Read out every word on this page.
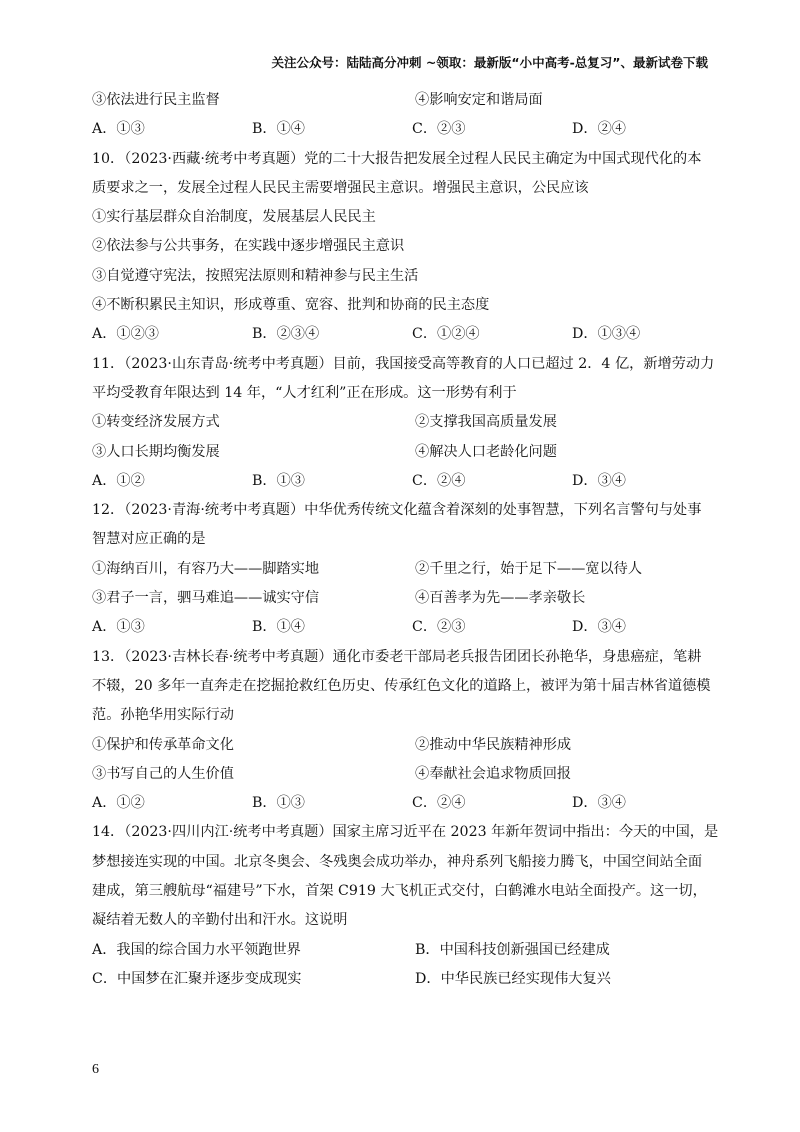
关注公众号：陆陆高分冲刺 ~领取：最新版“小中高考-总复习”、最新试卷下载
③依法进行民主监督	④影响安定和谐局面
A．①③	B．①④	C．②③	D．②④
10．（2023·西藏·统考中考真题）党的二十大报告把发展全过程人民民主确定为中国式现代化的本
质要求之一，发展全过程人民民主需要增强民主意识。增强民主意识，公民应该
①实行基层群众自治制度，发展基层人民民主
②依法参与公共事务，在实践中逐步增强民主意识
③自觉遵守宪法，按照宪法原则和精神参与民主生活
④不断积累民主知识，形成尊重、宽容、批判和协商的民主态度
A．①②③	B．②③④	C．①②④	D．①③④
11．（2023·山东青岛·统考中考真题）目前，我国接受高等教育的人口已超过 2．4 亿，新增劳动力
平均受教育年限达到 14 年，“人才红利”正在形成。这一形势有利于
①转变经济发展方式	②支撑我国高质量发展
③人口长期均衡发展	④解决人口老龄化问题
A．①②	B．①③	C．②④	D．③④
12．（2023·青海·统考中考真题）中华优秀传统文化蕴含着深刻的处事智慧，下列名言警句与处事
智慧对应正确的是
①海纳百川，有容乃大——脚踏实地	②千里之行，始于足下——宽以待人
③君子一言，驷马难追——诚实守信	④百善孝为先——孝亲敬长
A．①③	B．①④	C．②③	D．③④
13．（2023·吉林长春·统考中考真题）通化市委老干部局老兵报告团团长孙艳华，身患癌症，笔耕
不辍，20 多年一直奔走在挖掘抢救红色历史、传承红色文化的道路上，被评为第十届吉林省道德模
范。孙艳华用实际行动
①保护和传承革命文化	②推动中华民族精神形成
③书写自己的人生价值	④奉献社会追求物质回报
A．①②	B．①③	C．②④	D．③④
14．（2023·四川内江·统考中考真题）国家主席习近平在 2023 年新年贺词中指出：今天的中国，是
梦想接连实现的中国。北京冬奥会、冬残奥会成功举办，神舟系列飞船接力腾飞，中国空间站全面
建成，第三艘航母“福建号”下水，首架 C919 大飞机正式交付，白鹤滩水电站全面投产。这一切，
凝结着无数人的辛勤付出和汗水。这说明
A．我国的综合国力水平领跑世界	B．中国科技创新强国已经建成
C．中国梦在汇聚并逐步变成现实	D．中华民族已经实现伟大复兴
6
